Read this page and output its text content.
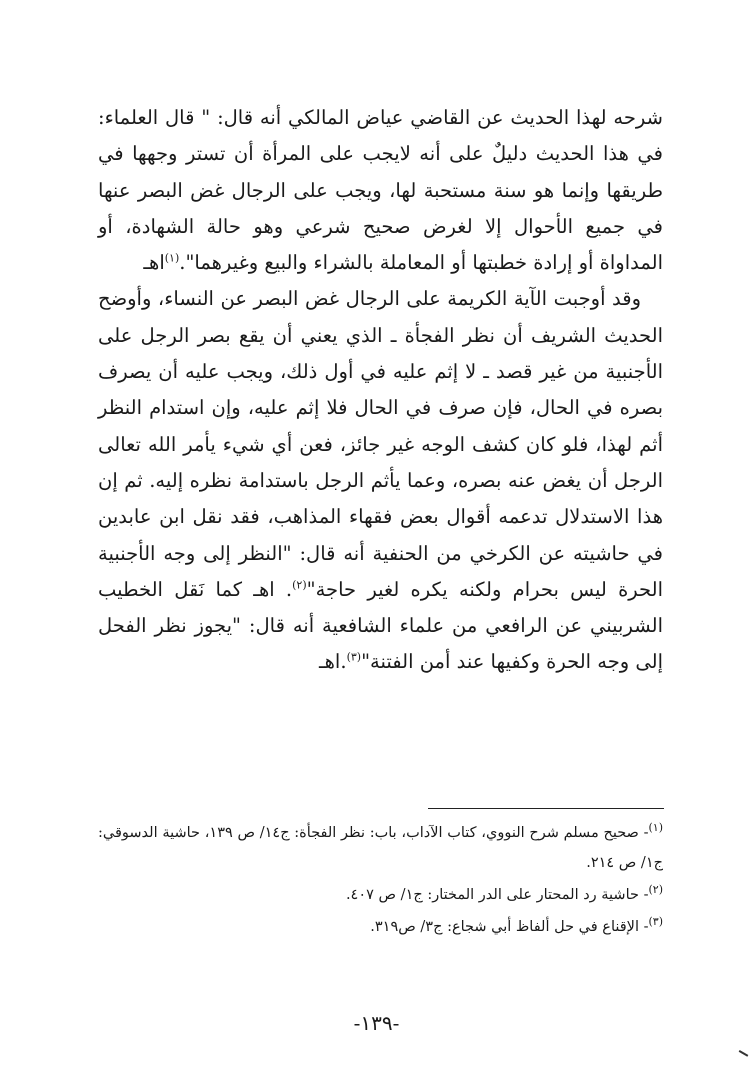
شرحه لهذا الحديث عن القاضي عياض المالكي أنه قال: " قال العلماء: في هذا الحديث دليلٌ على أنه لايجب على المرأة أن تستر وجهها في طريقها وإنما هو سنة مستحبة لها، ويجب على الرجال غض البصر عنها في جميع الأحوال إلا لغرض صحيح شرعي وهو حالة الشهادة، أو المداواة أو إرادة خطبتها أو المعاملة بالشراء والبيع وغيرهما".$^{(١)}$اهـ

وقد أوجبت الآية الكريمة على الرجال غض البصر عن النساء، وأوضح الحديث الشريف أن نظر الفجأة ـ الذي يعني أن يقع بصر الرجل على الأجنبية من غير قصد ـ لا إثم عليه في أول ذلك، ويجب عليه أن يصرف بصره في الحال، فإن صرف في الحال فلا إثم عليه، وإن استدام النظر أثم لهذا، فلو كان كشف الوجه غير جائز، فعن أي شيء يأمر الله تعالى الرجل أن يغض عنه بصره، وعما يأثم الرجل باستدامة نظره إليه. ثم إن هذا الاستدلال تدعمه أقوال بعض فقهاء المذاهب، فقد نقل ابن عابدين في حاشيته عن الكرخي من الحنفية أنه قال: "النظر إلى وجه الأجنبية الحرة ليس بحرام ولكنه يكره لغير حاجة"$^{(٢)}$. اهـ كما نَقل الخطيب الشربيني عن الرافعي من علماء الشافعية أنه قال: "يجوز نظر الفحل إلى وجه الحرة وكفيها عند أمن الفتنة"$^{(٣)}$.اهـ

$^{(١)}$- صحيح مسلم شرح النووي، كتاب الآداب، باب: نظر الفجأة: ج١٤/ ص ١٣٩، حاشية الدسوقي: ج١/ ص ٢١٤.

$^{(٢)}$- حاشية رد المحتار على الدر المختار: ج١/ ص ٤٠٧.

$^{(٣)}$- الإقناع في حل ألفاظ أبي شجاع: ج٣/ ص٣١٩.

-١٣٩-
